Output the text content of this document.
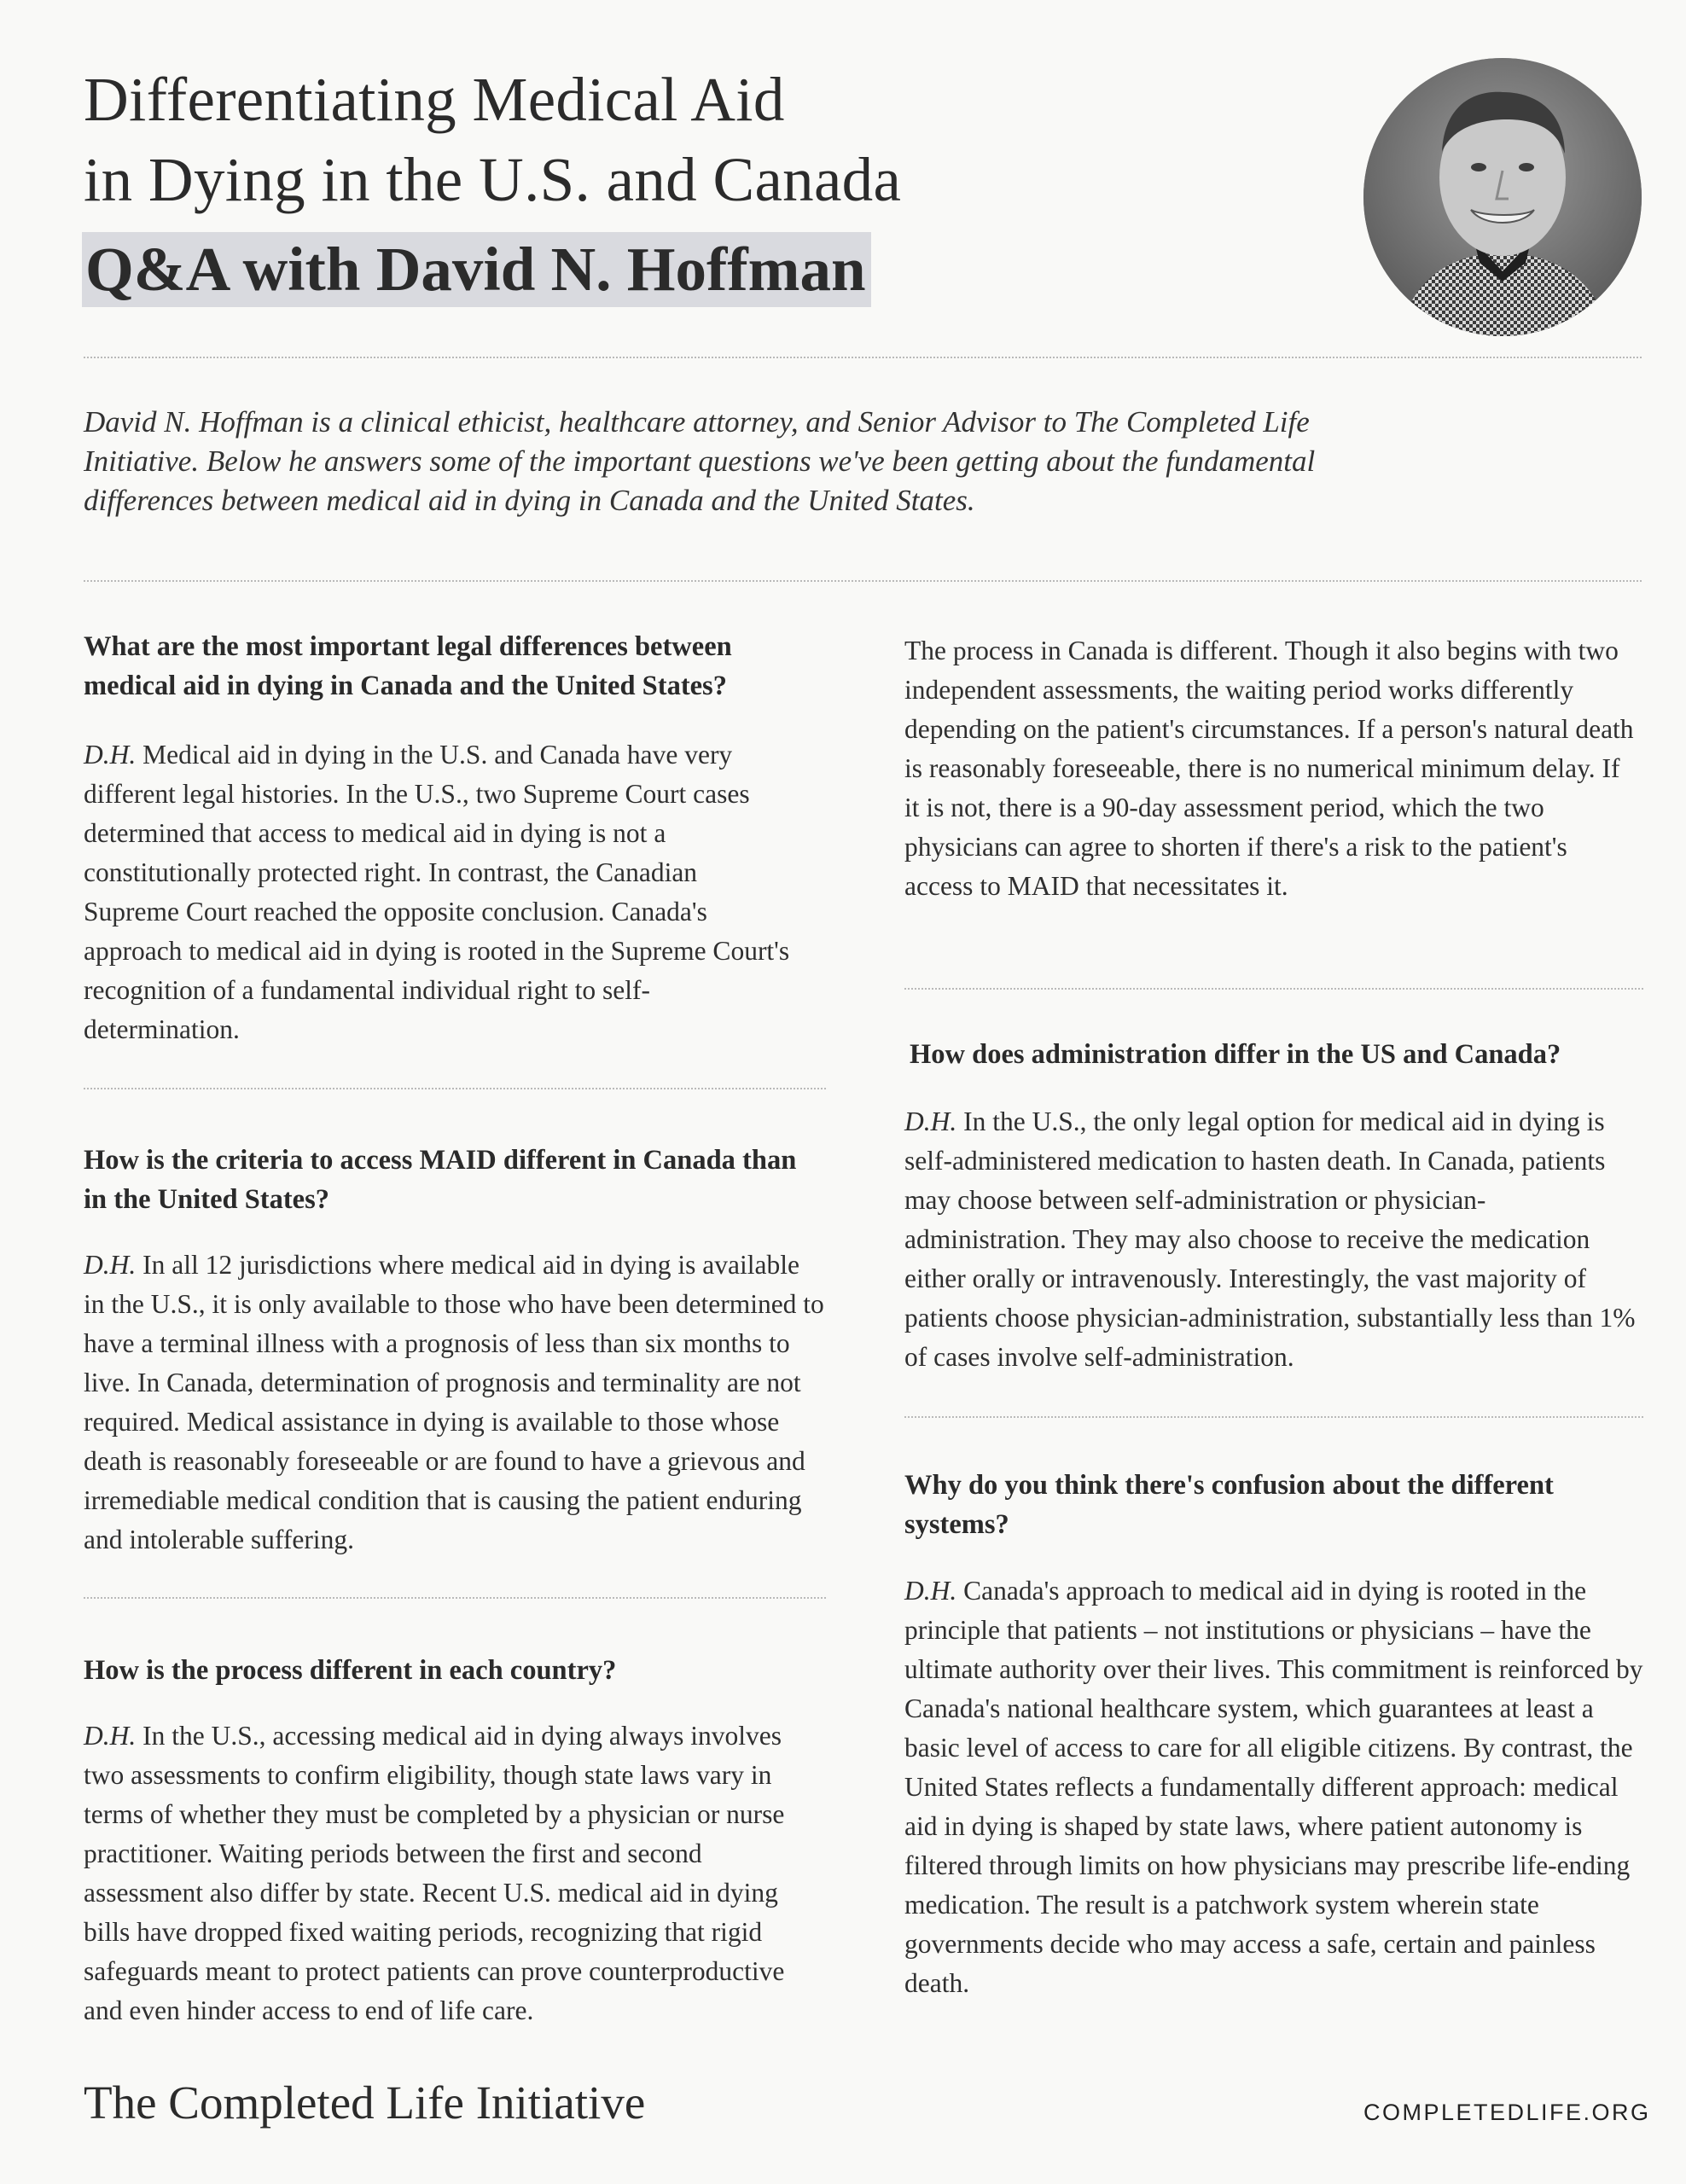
Differentiating Medical Aid
in Dying in the U.S. and Canada
Q&A with David N. Hoffman

David N. Hoffman is a clinical ethicist, healthcare attorney, and Senior Advisor to The Completed Life Initiative. Below he answers some of the important questions we've been getting about the fundamental differences between medical aid in dying in Canada and the United States.

What are the most important legal differences between medical aid in dying in Canada and the United States?

D.H. Medical aid in dying in the U.S. and Canada have very different legal histories. In the U.S., two Supreme Court cases determined that access to medical aid in dying is not a constitutionally protected right. In contrast, the Canadian Supreme Court reached the opposite conclusion. Canada's approach to medical aid in dying is rooted in the Supreme Court's recognition of a fundamental individual right to self-determination.

How is the criteria to access MAID different in Canada than in the United States?

D.H. In all 12 jurisdictions where medical aid in dying is available in the U.S., it is only available to those who have been determined to have a terminal illness with a prognosis of less than six months to live. In Canada, determination of prognosis and terminality are not required. Medical assistance in dying is available to those whose death is reasonably foreseeable or are found to have a grievous and irremediable medical condition that is causing the patient enduring and intolerable suffering.

How is the process different in each country?

D.H. In the U.S., accessing medical aid in dying always involves two assessments to confirm eligibility, though state laws vary in terms of whether they must be completed by a physician or nurse practitioner. Waiting periods between the first and second assessment also differ by state. Recent U.S. medical aid in dying bills have dropped fixed waiting periods, recognizing that rigid safeguards meant to protect patients can prove counterproductive and even hinder access to end of life care.

The process in Canada is different. Though it also begins with two independent assessments, the waiting period works differently depending on the patient's circumstances. If a person's natural death is reasonably foreseeable, there is no numerical minimum delay. If it is not, there is a 90-day assessment period, which the two physicians can agree to shorten if there's a risk to the patient's access to MAID that necessitates it.

How does administration differ in the US and Canada?

D.H. In the U.S., the only legal option for medical aid in dying is self-administered medication to hasten death. In Canada, patients may choose between self-administration or physician-administration. They may also choose to receive the medication either orally or intravenously. Interestingly, the vast majority of patients choose physician-administration, substantially less than 1% of cases involve self-administration.

Why do you think there's confusion about the different systems?

D.H. Canada's approach to medical aid in dying is rooted in the principle that patients – not institutions or physicians – have the ultimate authority over their lives. This commitment is reinforced by Canada's national healthcare system, which guarantees at least a basic level of access to care for all eligible citizens. By contrast, the United States reflects a fundamentally different approach: medical aid in dying is shaped by state laws, where patient autonomy is filtered through limits on how physicians may prescribe life-ending medication. The result is a patchwork system wherein state governments decide who may access a safe, certain and painless death.

The Completed Life Initiative	COMPLETEDLIFE.ORG
